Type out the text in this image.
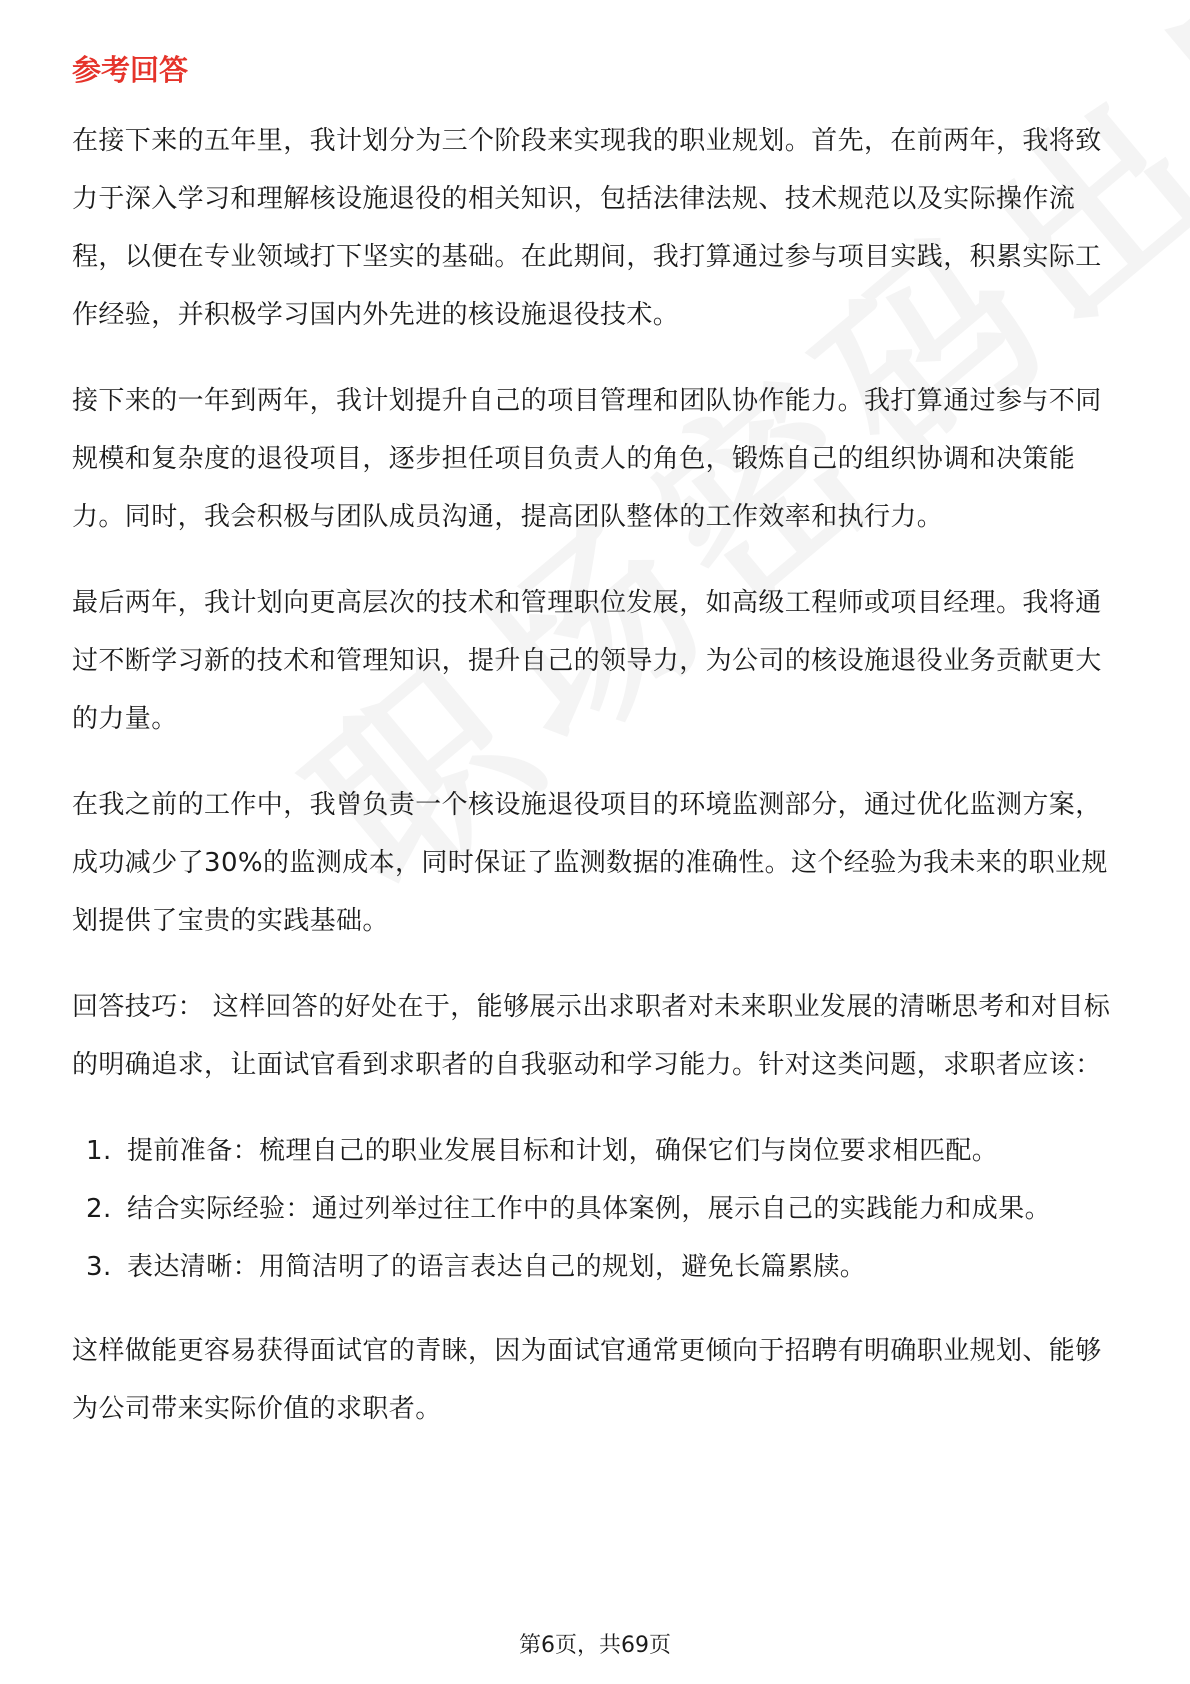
参考回答

在接下来的五年里，我计划分为三个阶段来实现我的职业规划。首先，在前两年，我将致力于深入学习和理解核设施退役的相关知识，包括法律法规、技术规范以及实际操作流程，以便在专业领域打下坚实的基础。在此期间，我打算通过参与项目实践，积累实际工作经验，并积极学习国内外先进的核设施退役技术。

接下来的一年到两年，我计划提升自己的项目管理和团队协作能力。我打算通过参与不同规模和复杂度的退役项目，逐步担任项目负责人的角色，锻炼自己的组织协调和决策能力。同时，我会积极与团队成员沟通，提高团队整体的工作效率和执行力。

最后两年，我计划向更高层次的技术和管理职位发展，如高级工程师或项目经理。我将通过不断学习新的技术和管理知识，提升自己的领导力，为公司的核设施退役业务贡献更大的力量。

在我之前的工作中，我曾负责一个核设施退役项目的环境监测部分，通过优化监测方案，成功减少了30%的监测成本，同时保证了监测数据的准确性。这个经验为我未来的职业规划提供了宝贵的实践基础。

回答技巧： 这样回答的好处在于，能够展示出求职者对未来职业发展的清晰思考和对目标的明确追求，让面试官看到求职者的自我驱动和学习能力。针对这类问题，求职者应该：

1. 提前准备：梳理自己的职业发展目标和计划，确保它们与岗位要求相匹配。
2. 结合实际经验：通过列举过往工作中的具体案例，展示自己的实践能力和成果。
3. 表达清晰：用简洁明了的语言表达自己的规划，避免长篇累牍。

这样做能更容易获得面试官的青睐，因为面试官通常更倾向于招聘有明确职业规划、能够为公司带来实际价值的求职者。

第6页，共69页
